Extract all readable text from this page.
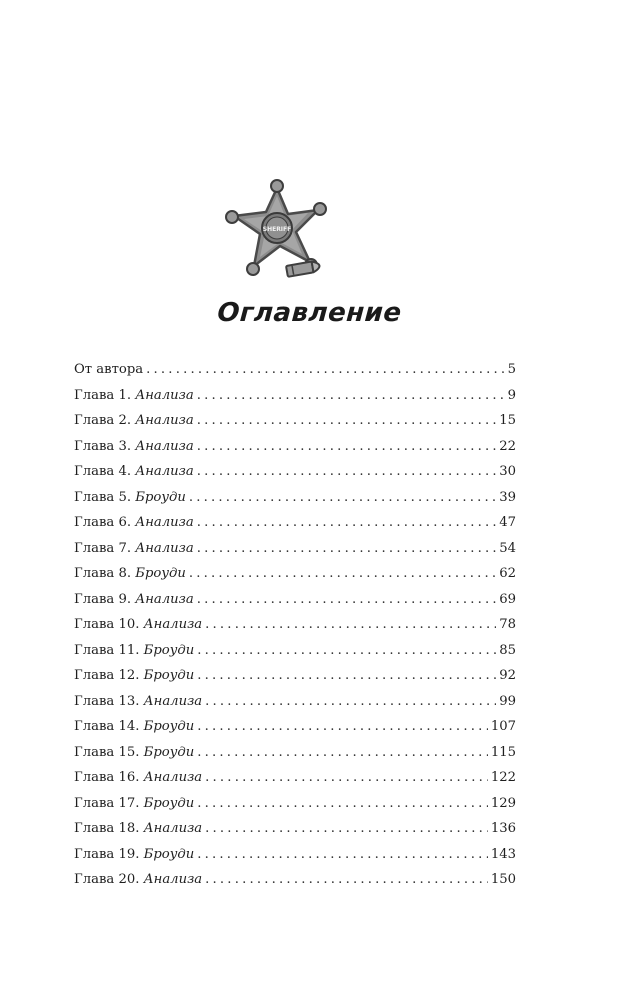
SHERIFF
Оглавление
От автора .....	5
Глава 1. Анализа .....	9
Глава 2. Анализа .....	15
Глава 3. Анализа .....	22
Глава 4. Анализа .....	30
Глава 5. Броуди .....	39
Глава 6. Анализа .....	47
Глава 7. Анализа .....	54
Глава 8. Броуди .....	62
Глава 9. Анализа .....	69
Глава 10. Анализа .....	78
Глава 11. Броуди .....	85
Глава 12. Броуди .....	92
Глава 13. Анализа .....	99
Глава 14. Броуди .....	107
Глава 15. Броуди .....	115
Глава 16. Анализа .....	122
Глава 17. Броуди .....	129
Глава 18. Анализа .....	136
Глава 19. Броуди .....	143
Глава 20. Анализа .....	150
